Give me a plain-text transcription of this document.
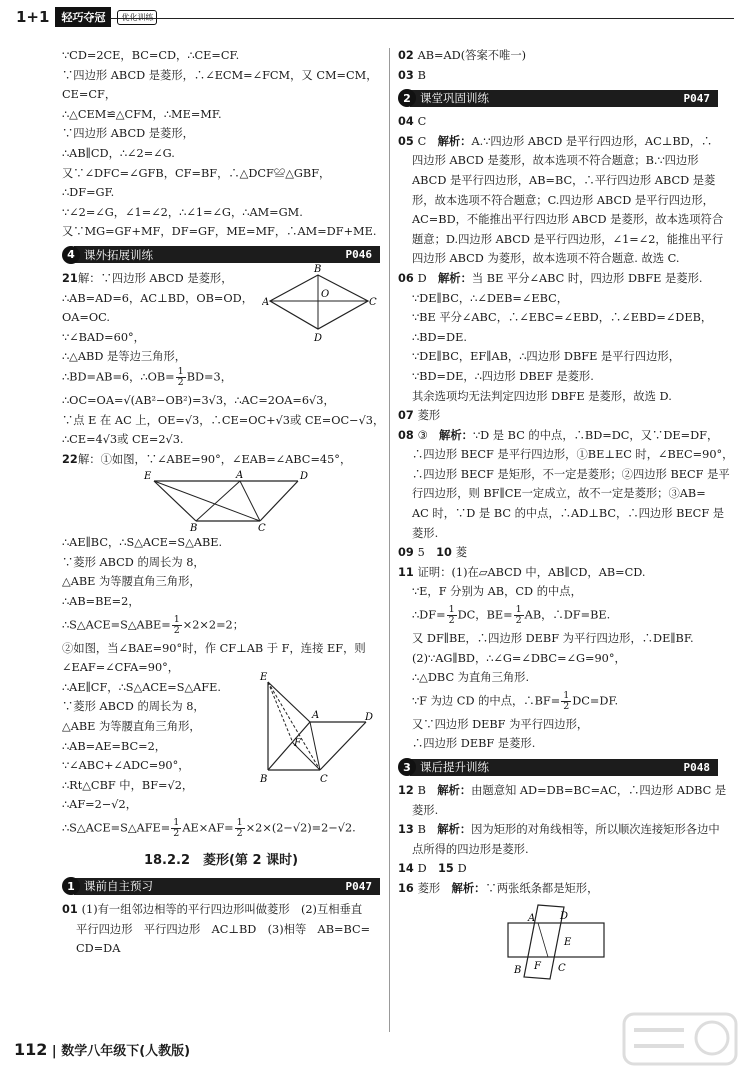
1+1	轻巧夺冠	优化训练
∵CD=2CE，BC=CD，∴CE=CF.
∵四边形 ABCD 是菱形，∴∠ECM=∠FCM，又 CM=CM，
CE=CF，
∴△CEM≌△CFM，∴ME=MF.
∵四边形 ABCD 是菱形，
∴AB∥CD，∴∠2=∠G.
又∵∠DFC=∠GFB，CF=BF，∴△DCF≌△GBF，
∴DF=GF.
∵∠2=∠G，∠1=∠2，∴∠1=∠G，∴AM=GM.
又∵MG=GF+MF，DF=GF，ME=MF，∴AM=DF+ME.
4 课外拓展训练	P046
21解：∵四边形 ABCD 是菱形，
∴AB=AD=6，AC⊥BD，OB=OD，
OA=OC.
∵∠BAD=60°，
∴△ABD 是等边三角形，
A
B
C
D
O
∴BD=AB=6，∴OB= $\frac{1}{2} BD=3$，
∴OC=OA=√(AB²−OB²)=3√3，∴AC=2OA=6√3，
∵点 E 在 AC 上，OE=√3，∴CE=OC+√3或 CE=OC−√3，
∴CE=4√3或 CE=2√3.
22解：①如图，∵∠ABE=90°，∠EAB=∠ABC=45°，
E	A	D
B	C
∴AE∥BC，∴S△ACE=S△ABE.
∵菱形 ABCD 的周长为 8，
△ABE 为等腰直角三角形，
∴AB=BE=2，
∴S△ACE=S△ABE= $\frac{1}{2} \times 2\times 2=2$；
②如图，当∠BAE=90°时，作 CF⊥AB 于 F，连接 EF，则
∠EAF=∠CFA=90°，
∴AE∥CF，∴S△ACE=S△AFE.
∵菱形 ABCD 的周长为 8，
△ABE 为等腰直角三角形，
∴AB=AE=BC=2，
∵∠ABC+∠ADC=90°，
∴Rt△CBF 中，BF=√2，
∴AF=2−√2，
E
A	D
F
B	C
∴S△ACE=S△AFE= $\frac{1}{2} AE\times AF= \frac{1}{2} \times 2\times(2-√2)=2-√2$.
18.2.2　菱形(第 2 课时)
1 课前自主预习	P047
01 (1)有一组邻边相等的平行四边形叫做菱形　(2)互相垂直
平行四边形　平行四边形　AC⊥BD　(3)相等　AB=BC=
CD=DA
02 AB=AD(答案不唯一)
03 B
2 课堂巩固训练	P047
04 C
05 C　 解析：A.∵四边形 ABCD 是平行四边形，AC⊥BD，∴
四边形 ABCD 是菱形，故本选项不符合题意；B.∵四边形
ABCD 是平行四边形，AB=BC，∴平行四边形 ABCD 是菱
形，故本选项不符合题意；C.四边形 ABCD 是平行四边形，
AC=BD，不能推出平行四边形 ABCD 是菱形，故本选项符合
题意；D.四边形 ABCD 是平行四边形，∠1=∠2，能推出平行
四边形 ABCD 为菱形，故本选项不符合题意. 故选 C.
06 D　 解析：当 BE 平分∠ABC 时，四边形 DBFE 是菱形.
∵DE∥BC，∴∠DEB=∠EBC，
∵BE 平分∠ABC，∴∠EBC=∠EBD，∴∠EBD=∠DEB，
∴BD=DE.
∵DE∥BC，EF∥AB，∴四边形 DBFE 是平行四边形，
∵BD=DE，∴四边形 DBEF 是菱形.
其余选项均无法判定四边形 DBFE 是菱形，故选 D.
07 菱形
08 ③　 解析：∵D 是 BC 的中点，∴BD=DC，又∵DE=DF，
∴四边形 BECF 是平行四边形，①BE⊥EC 时，∠BEC=90°，
∴四边形 BECF 是矩形，不一定是菱形；②四边形 BECF 是平
行四边形，则 BF∥CE一定成立，故不一定是菱形；③AB=
AC 时，∵D 是 BC 的中点，∴AD⊥BC，∴四边形 BECF 是
菱形.
09 5　 10 菱
11 证明：(1)在▱ABCD 中，AB∥CD，AB=CD.
∵E，F 分别为 AB，CD 的中点，
∴DF= $\frac{1}{2}$ DC，$BE= \frac{1}{2}$ AB，∴DF=BE.
又 DF∥BE，∴四边形 DEBF 为平行四边形，∴DE∥BF.
(2)∵AG∥BD，∴∠G=∠DBC=∠G=90°，
∴△DBC 为直角三角形.
∵F 为边 CD 的中点，∴BF= $\frac{1}{2} DC=DF$.
又∵四边形 DEBF 为平行四边形，
∴四边形 DEBF 是菱形.
3 课后提升训练	P048
12 B　 解析：由题意知 AD=DB=BC=AC，∴四边形 ADBC 是
菱形.
13 B　 解析：因为矩形的对角线相等，所以顺次连接矩形各边中
点所得的四边形是菱形.
14 D　 15 D
16 菱形　 解析：∵两张纸条都是矩形，
A D
E
B F C
112 | 数学八年级下(人教版)
